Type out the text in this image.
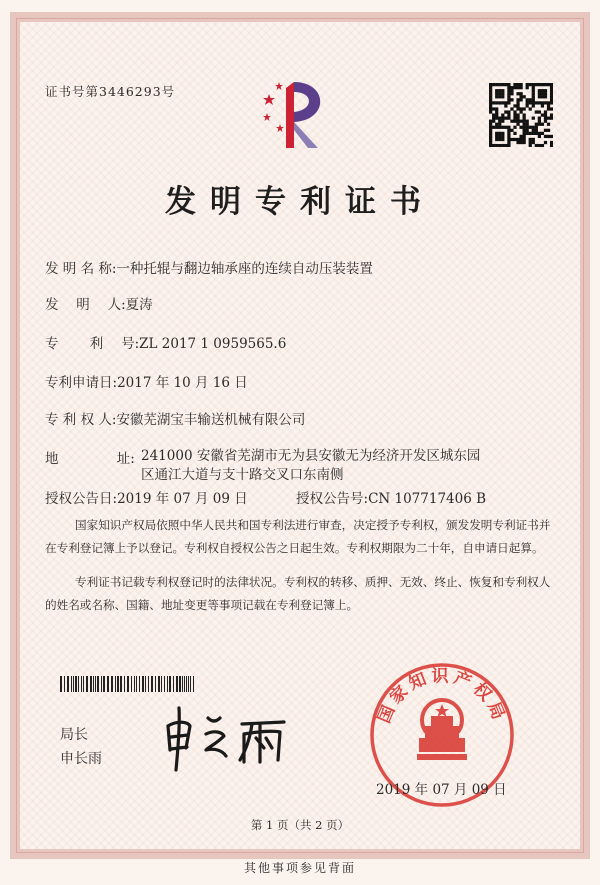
证书号第3446293号
发明专利证书
发 明 名 称:一种托辊与翻边轴承座的连续自动压装装置
发　 明　 人:夏涛
专　　 利　 号:ZL 2017 1 0959565.6
专利申请日:2017 年 10 月 16 日
专 利 权 人:安徽芜湖宝丰输送机械有限公司
地　　　　 址: 241000 安徽省芜湖市无为县安徽无为经济开发区城东园
区通江大道与支十路交叉口东南侧
授权公告日:2019 年 07 月 09 日	授权公告号:CN 107717406 B
国家知识产权局依照中华人民共和国专利法进行审查，决定授予专利权，颁发发明专利证书并在专利登记簿上予以登记。专利权自授权公告之日起生效。专利权期限为二十年，自申请日起算。
专利证书记载专利权登记时的法律状况。专利权的转移、质押、无效、终止、恢复和专利权人的姓名或名称、国籍、地址变更等事项记载在专利登记簿上。
局长
申长雨
国家知识产权局
2019 年 07 月 09 日
第 1 页（共 2 页）
其他事项参见背面
